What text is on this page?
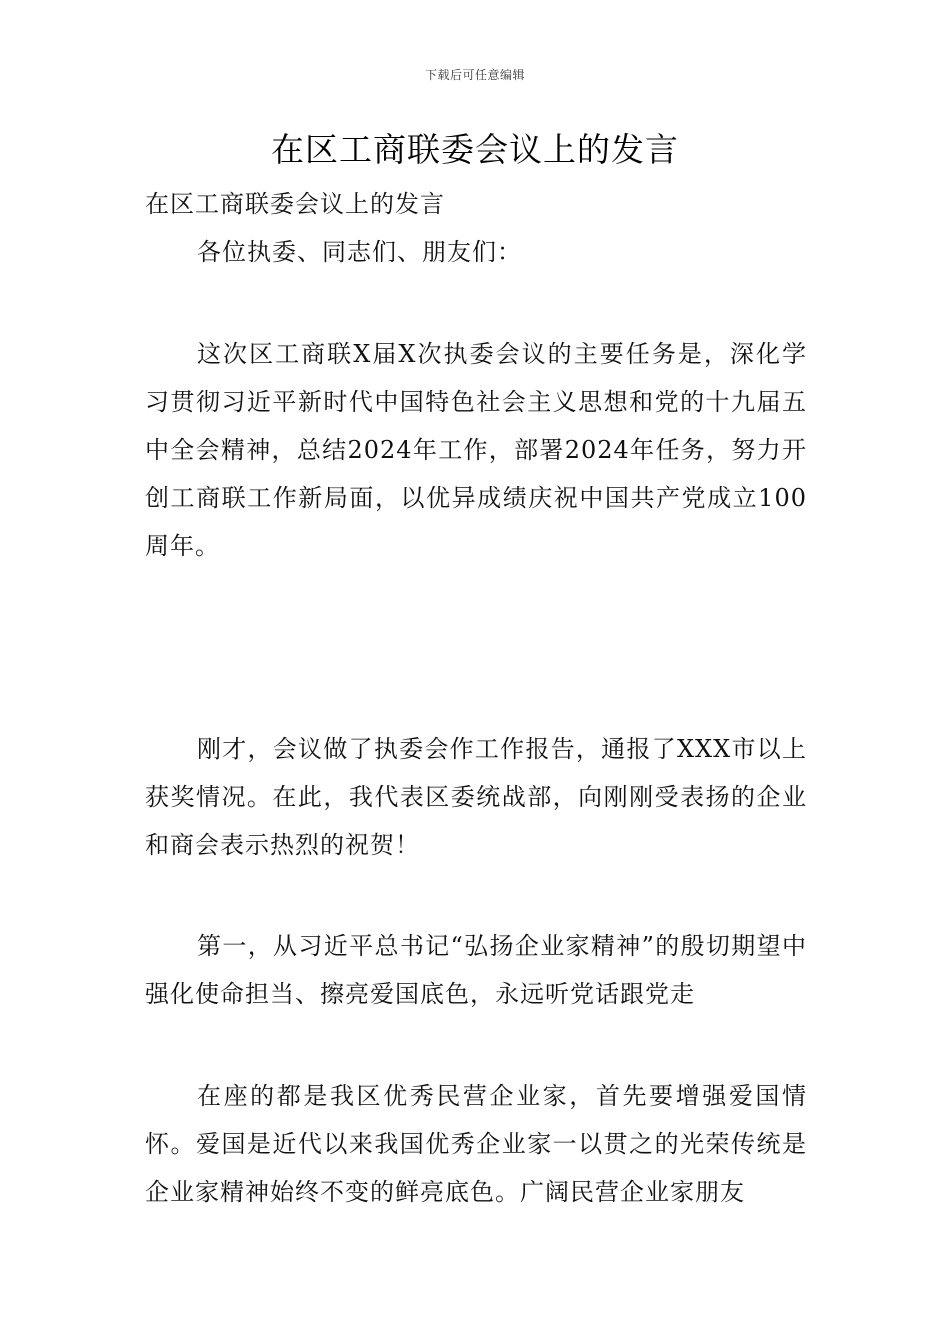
下载后可任意编辑
在区工商联委会议上的发言

在区工商联委会议上的发言

各位执委、同志们、朋友们：

这次区工商联X届X次执委会议的主要任务是，深化学习贯彻习近平新时代中国特色社会主义思想和党的十九届五中全会精神，总结2024年工作，部署2024年任务，努力开创工商联工作新局面，以优异成绩庆祝中国共产党成立100周年。

刚才，会议做了执委会作工作报告，通报了XXX市以上获奖情况。在此，我代表区委统战部，向刚刚受表扬的企业和商会表示热烈的祝贺！

第一，从习近平总书记“弘扬企业家精神”的殷切期望中强化使命担当、擦亮爱国底色，永远听党话跟党走

在座的都是我区优秀民营企业家，首先要增强爱国情怀。爱国是近代以来我国优秀企业家一以贯之的光荣传统是企业家精神始终不变的鲜亮底色。广阔民营企业家朋友
